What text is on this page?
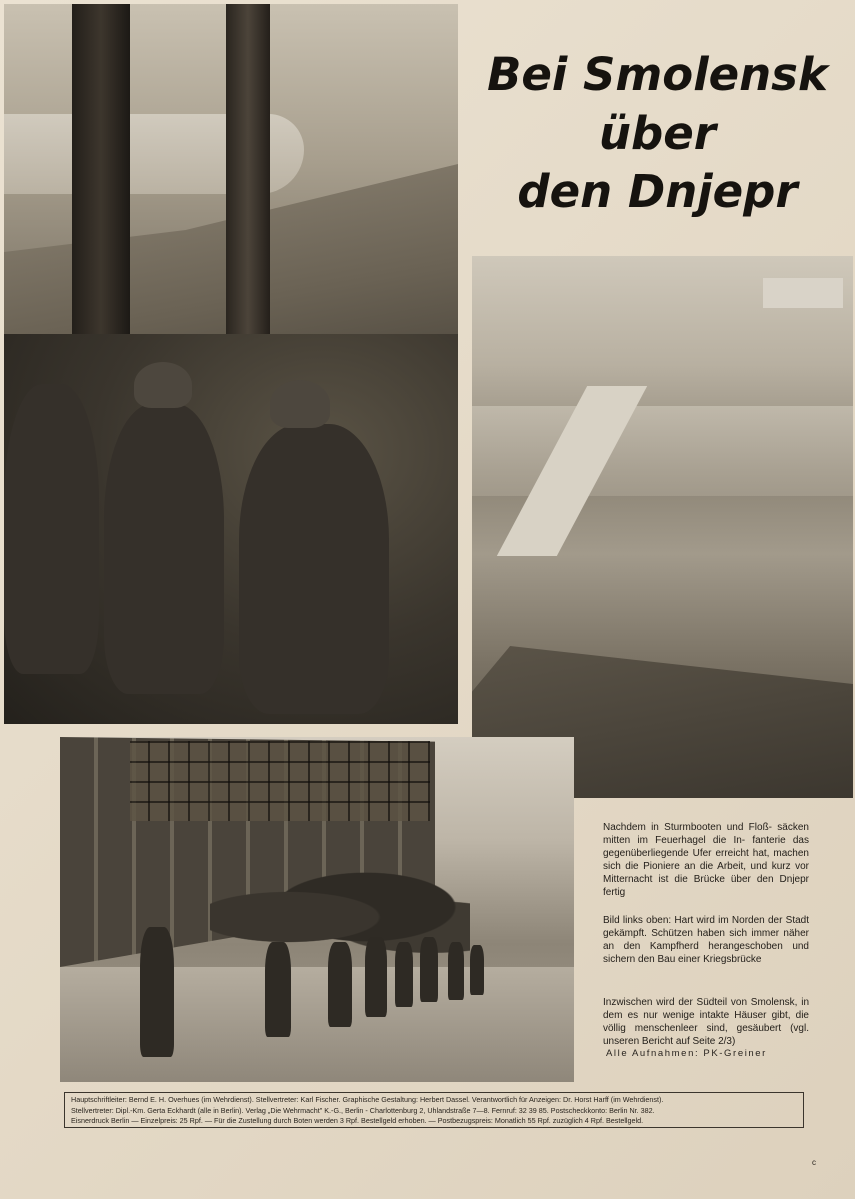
Bei Smolensk
über
den Dnjepr

Nachdem in Sturmbooten und Floß- säcken mitten im Feuerhagel die In- fanterie das gegenüberliegende Ufer erreicht hat, machen sich die Pioniere an die Arbeit, und kurz vor Mitternacht ist die Brücke über den Dnjepr fertig

Bild links oben: Hart wird im Norden der Stadt gekämpft. Schützen haben sich immer näher an den Kampfherd herangeschoben und sichern den Bau einer Kriegsbrücke

Inzwischen wird der Südteil von Smolensk, in dem es nur wenige intakte Häuser gibt, die völlig menschenleer sind, gesäubert (vgl. unseren Bericht auf Seite 2/3)

Alle Aufnahmen: PK-Greiner

Hauptschriftleiter: Bernd E. H. Overhues (im Wehrdienst). Stellvertreter: Karl Fischer. Graphische Gestaltung: Herbert Dassel. Verantwortlich für Anzeigen: Dr. Horst Harff (im Wehrdienst).
Stellvertreter: Dipl.-Km. Gerta Eckhardt (alle in Berlin). Verlag „Die Wehrmacht" K.-G., Berlin - Charlottenburg 2, Uhlandstraße 7—8. Fernruf: 32 39 85. Postscheckkonto: Berlin Nr. 382.
Eisnerdruck Berlin — Einzelpreis: 25 Rpf. — Für die Zustellung durch Boten werden 3 Rpf. Bestellgeld erhoben. — Postbezugspreis: Monatlich 55 Rpf. zuzüglich 4 Rpf. Bestellgeld.
c
